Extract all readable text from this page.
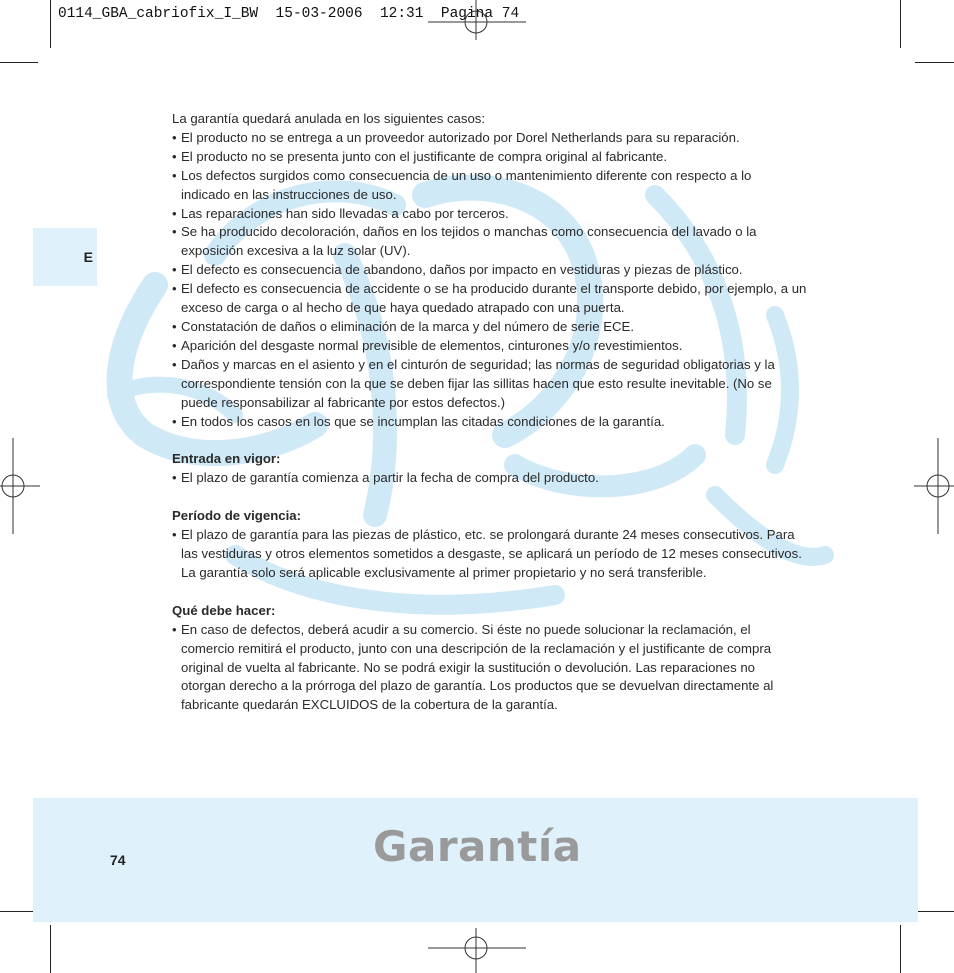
0114_GBA_cabriofix_I_BW  15-03-2006  12:31  Pagina 74

E

La garantía quedará anulada en los siguientes casos:

• El producto no se entrega a un proveedor autorizado por Dorel Netherlands para su reparación.
• El producto no se presenta junto con el justificante de compra original al fabricante.
• Los defectos surgidos como consecuencia de un uso o mantenimiento diferente con respecto a lo
indicado en las instrucciones de uso.
• Las reparaciones han sido llevadas a cabo por terceros.
• Se ha producido decoloración, daños en los tejidos o manchas como consecuencia del lavado o la
exposición excesiva a la luz solar (UV).
• El defecto es consecuencia de abandono, daños por impacto en vestiduras y piezas de plástico.
• El defecto es consecuencia de accidente o se ha producido durante el transporte debido, por ejemplo, a un
exceso de carga o al hecho de que haya quedado atrapado con una puerta.
• Constatación de daños o eliminación de la marca y del número de serie ECE.
• Aparición del desgaste normal previsible de elementos, cinturones y/o revestimientos.
• Daños y marcas en el asiento y en el cinturón de seguridad; las normas de seguridad obligatorias y la
correspondiente tensión con la que se deben fijar las sillitas hacen que esto resulte inevitable. (No se
puede responsabilizar al fabricante por estos defectos.)
• En todos los casos en los que se incumplan las citadas condiciones de la garantía.

Entrada en vigor:

• El plazo de garantía comienza a partir la fecha de compra del producto.

Período de vigencia:

• El plazo de garantía para las piezas de plástico, etc. se prolongará durante 24 meses consecutivos. Para
las vestiduras y otros elementos sometidos a desgaste, se aplicará un período de 12 meses consecutivos.
La garantía solo será aplicable exclusivamente al primer propietario y no será transferible.

Qué debe hacer:

• En caso de defectos, deberá acudir a su comercio. Si éste no puede solucionar la reclamación, el
comercio remitirá el producto, junto con una descripción de la reclamación y el justificante de compra
original de vuelta al fabricante. No se podrá exigir la sustitución o devolución. Las reparaciones no
otorgan derecho a la prórroga del plazo de garantía. Los productos que se devuelvan directamente al
fabricante quedarán EXCLUIDOS de la cobertura de la garantía.
74	Garantía
